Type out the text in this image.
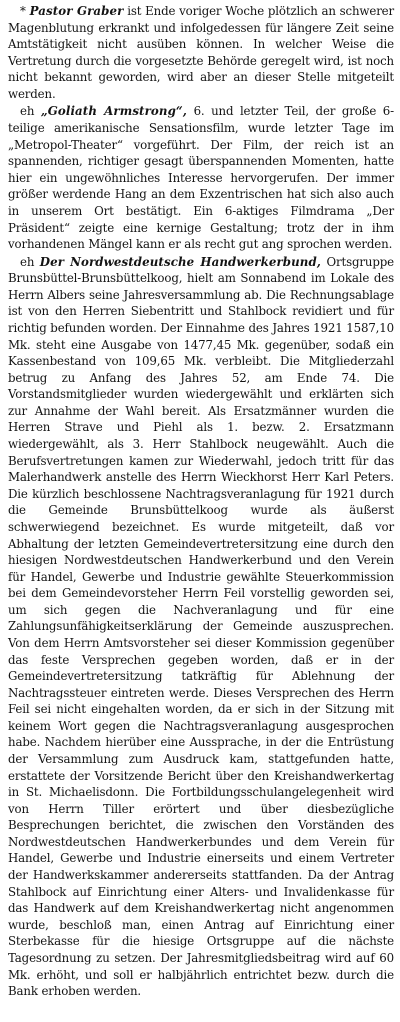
* Pastor Graber ist Ende voriger Woche plötzlich an schwerer Magenblutung erkrankt und infolgedessen für längere Zeit seine Amtstätigkeit nicht ausüben können. In welcher Weise die Vertretung durch die vorgesetzte Behörde geregelt wird, ist noch nicht bekannt geworden, wird aber an dieser Stelle mitgeteilt werden.

eh „Goliath Armstrong“, 6. und letzter Teil, der große 6-teilige amerikanische Sensationsfilm, wurde letzter Tage im „Metropol-Theater“ vorgeführt. Der Film, der reich ist an spannenden, richtiger gesagt überspannenden Momenten, hatte hier ein ungewöhnliches Interesse hervorgerufen. Der immer größer werdende Hang an dem Exzentrischen hat sich also auch in unserem Ort bestätigt. Ein 6-aktiges Filmdrama „Der Präsident“ zeigte eine kernige Gestaltung; trotz der in ihm vorhandenen Mängel kann er als recht gut ang sprochen werden.

eh Der Nordwestdeutsche Handwerkerbund, Ortsgruppe Brunsbüttel-Brunsbüttelkoog, hielt am Sonnabend im Lokale des Herrn Albers seine Jahresversammlung ab. Die Rechnungsablage ist von den Herren Siebentritt und Stahlbock revidiert und für richtig befunden worden. Der Einnahme des Jahres 1921 1587,10 Mk. steht eine Ausgabe von 1477,45 Mk. gegenüber, sodaß ein Kassenbestand von 109,65 Mk. verbleibt. Die Mitgliederzahl betrug zu Anfang des Jahres 52, am Ende 74. Die Vorstandsmitglieder wurden wiedergewählt und erklärten sich zur Annahme der Wahl bereit. Als Ersatzmänner wurden die Herren Strave und Piehl als 1. bezw. 2. Ersatzmann wiedergewählt, als 3. Herr Stahlbock neugewählt. Auch die Berufsvertretungen kamen zur Wiederwahl, jedoch tritt für das Malerhandwerk anstelle des Herrn Wieckhorst Herr Karl Peters. Die kürzlich beschlossene Nachtragsveranlagung für 1921 durch die Gemeinde Brunsbüttelkoog wurde als äußerst schwerwiegend bezeichnet. Es wurde mitgeteilt, daß vor Abhaltung der letzten Gemeindevertretersitzung eine durch den hiesigen Nordwestdeutschen Handwerkerbund und den Verein für Handel, Gewerbe und Industrie gewählte Steuerkommission bei dem Gemeindevorsteher Herrn Feil vorstellig geworden sei, um sich gegen die Nachveranlagung und für eine Zahlungsunfähigkeitserklärung der Gemeinde auszusprechen. Von dem Herrn Amtsvorsteher sei dieser Kommission gegenüber das feste Versprechen gegeben worden, daß er in der Gemeindevertretersitzung tatkräftig für Ablehnung der Nachtragssteuer eintreten werde. Dieses Versprechen des Herrn Feil sei nicht eingehalten worden, da er sich in der Sitzung mit keinem Wort gegen die Nachtragsveranlagung ausgesprochen habe. Nachdem hierüber eine Aussprache, in der die Entrüstung der Versammlung zum Ausdruck kam, stattgefunden hatte, erstattete der Vorsitzende Bericht über den Kreishandwerkertag in St. Michaelisdonn. Die Fortbildungsschulangelegenheit wird von Herrn Tiller erörtert und über diesbezügliche Besprechungen berichtet, die zwischen den Vorständen des Nordwestdeutschen Handwerkerbundes und dem Verein für Handel, Gewerbe und Industrie einerseits und einem Vertreter der Handwerkskammer andererseits stattfanden. Da der Antrag Stahlbock auf Einrichtung einer Alters- und Invalidenkasse für das Handwerk auf dem Kreishandwerkertag nicht angenommen wurde, beschloß man, einen Antrag auf Einrichtung einer Sterbekasse für die hiesige Ortsgruppe auf die nächste Tagesordnung zu setzen. Der Jahresmitgliedsbeitrag wird auf 60 Mk. erhöht, und soll er halbjährlich entrichtet bezw. durch die Bank erhoben werden.
